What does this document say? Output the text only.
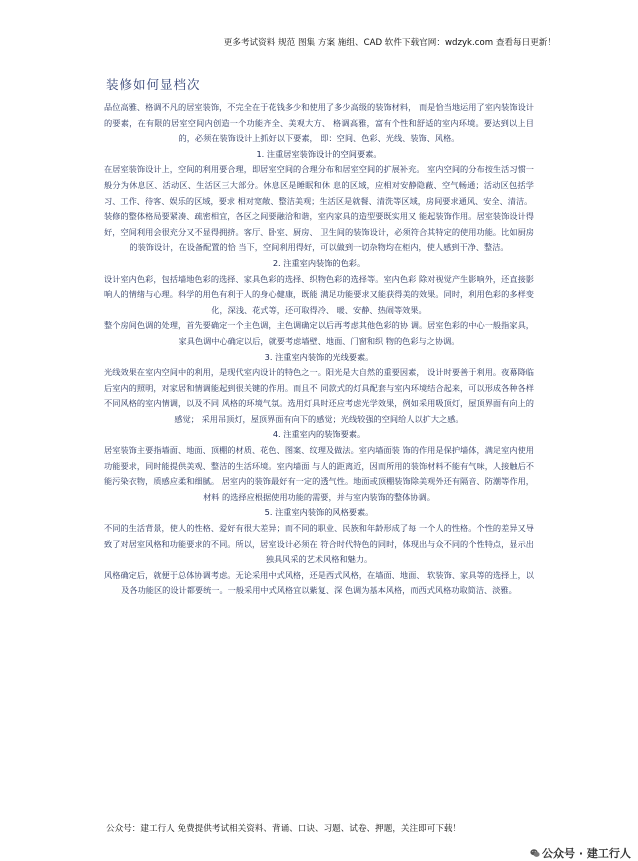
更多考试资料 规范 图集 方案 施组、CAD 软件下载官网：wdzyk.com 查看每日更新！
装修如何显档次

品位高雅、格调不凡的居室装饰，不完全在于花钱多少和使用了多少高级的装饰材料， 而是恰当地运用了室内装饰设计的要素，在有限的居室空间内创造一个功能齐全、美观大方、 格调高雅，富有个性和舒适的室内环境。要达到以上目的，必须在装饰设计上抓好以下要素， 即：空间、色彩、光线、装饰、风格。

1. 注重居室装饰设计的空间要素。

在居室装饰设计上，空间的利用要合理，即居室空间的合理分布和居室空间的扩展补充。 室内空间的分布按生活习惯一般分为休息区、活动区、生活区三大部分。休息区是睡眠和休 息的区域，应相对安静隐蔽、空气畅通；活动区包括学习、工作、待客、娱乐的区域，要求 相对宽敞、整洁美观；生活区是就餐、清洗等区域，房间要求通风、安全、清洁。

装修的整体格局要紧凑、疏密相宜，各区之间要融洽和谐，室内家具的造型要既实用又 能起装饰作用。居室装饰设计得好，空间利用会很充分又不显得拥挤。客厅、卧室、厨房、 卫生间的装饰设计，必须符合其特定的使用功能。比如厨房的装饰设计，在设备配置的恰 当下，空间利用得好，可以做到一切杂物均在柜内，使人感到干净、整洁。

2. 注重室内装饰的色彩。

设计室内色彩，包括墙地色彩的选择、家具色彩的选择、织物色彩的选择等。室内色彩 除对视觉产生影响外，还直接影响人的情绪与心理。科学的用色有利于人的身心健康，既能 满足功能要求又能获得美的效果。同时，利用色彩的多样变化，深浅、花式等，还可取得冷、 暖、安静、热闹等效果。

整个房间色调的处理，首先要确定一个主色调，主色调确定以后再考虑其他色彩的协 调。居室色彩的中心一般指家具，家具色调中心确定以后，就要考虑墙壁、地面、门窗和织 物的色彩与之协调。

3. 注重室内装饰的光线要素。

光线效果在室内空间中的利用，是现代室内设计的特色之一。阳光是大自然的重要因素， 设计时要善于利用。夜幕降临后室内的照明，对家居和情调能起到很关键的作用。而且不 同款式的灯具配套与室内环境结合起来，可以形成各种各样不同风格的室内情调，以及不同 风格的环境气氛。选用灯具时还应考虑光学效果，例如采用吸顶灯，屋顶界面有向上的感觉； 采用吊顶灯，屋顶界面有向下的感觉；光线较强的空间给人以扩大之感。

4. 注重室内的装饰要素。

居室装饰主要指墙面、地面、顶棚的材质、花色、图案、纹理及做法。室内墙面装 饰的作用是保护墙体，满足室内使用功能要求，同时能提供美观、整洁的生活环境。室内墙面 与人的距离近，因而所用的装饰材料不能有气味，人接触后不能污染衣物，质感应柔和细腻。 居室内的装饰最好有一定的透气性。地面或顶棚装饰除美观外还有隔音、防潮等作用，材料 的选择应根据使用功能的需要，并与室内装饰的整体协调。

5. 注重室内装饰的风格要素。

不同的生活背景，使人的性格、爱好有很大差异；而不同的职业、民族和年龄形成了每 一个人的性格。个性的差异又导致了对居室风格和功能要求的不同。所以，居室设计必须在 符合时代特色的同时，体现出与众不同的个性特点，显示出独具风采的艺术风格和魅力。

风格确定后，就便于总体协调考虑。无论采用中式风格，还是西式风格，在墙面、地面、 软装饰、家具等的选择上，以及各功能区的设计都要统一。一般采用中式风格宜以紫复、深 色调为基本风格，而西式风格功取简洁、淡雅。

公众号：建工行人 免费提供考试相关资料、背诵、口诀、习题、试卷、押题，关注即可下载！
公众号 · 建工行人
